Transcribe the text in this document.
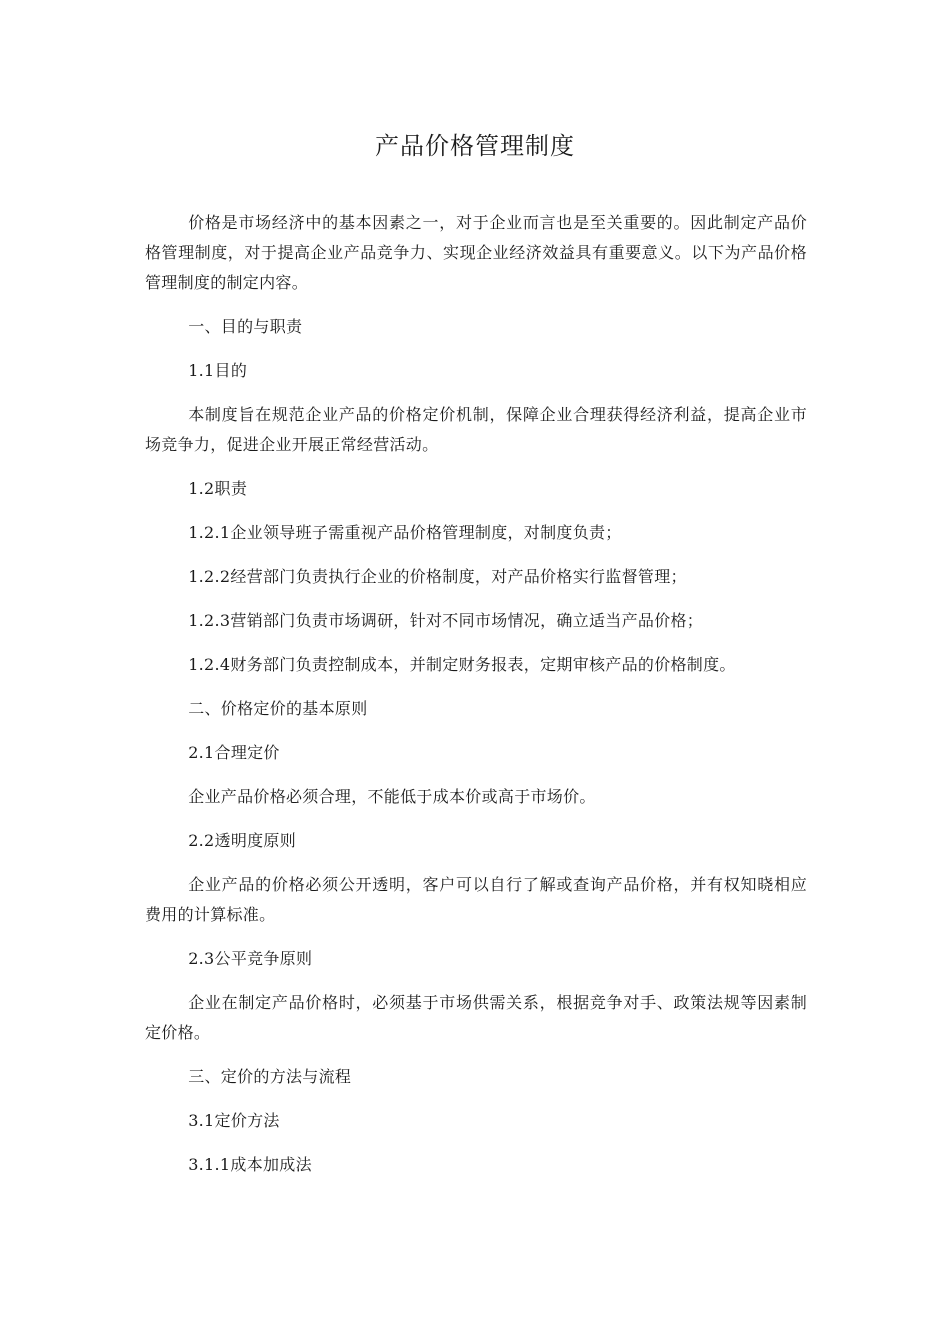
产品价格管理制度

价格是市场经济中的基本因素之一，对于企业而言也是至关重要的。因此制定产品价格管理制度，对于提高企业产品竞争力、实现企业经济效益具有重要意义。以下为产品价格管理制度的制定内容。

一、目的与职责

1.1目的

本制度旨在规范企业产品的价格定价机制，保障企业合理获得经济利益，提高企业市场竞争力，促进企业开展正常经营活动。

1.2职责

1.2.1企业领导班子需重视产品价格管理制度，对制度负责；

1.2.2经营部门负责执行企业的价格制度，对产品价格实行监督管理；

1.2.3营销部门负责市场调研，针对不同市场情况，确立适当产品价格；

1.2.4财务部门负责控制成本，并制定财务报表，定期审核产品的价格制度。

二、价格定价的基本原则

2.1合理定价

企业产品价格必须合理，不能低于成本价或高于市场价。

2.2透明度原则

企业产品的价格必须公开透明，客户可以自行了解或查询产品价格，并有权知晓相应费用的计算标准。

2.3公平竞争原则

企业在制定产品价格时，必须基于市场供需关系，根据竞争对手、政策法规等因素制定价格。

三、定价的方法与流程

3.1定价方法

3.1.1成本加成法
